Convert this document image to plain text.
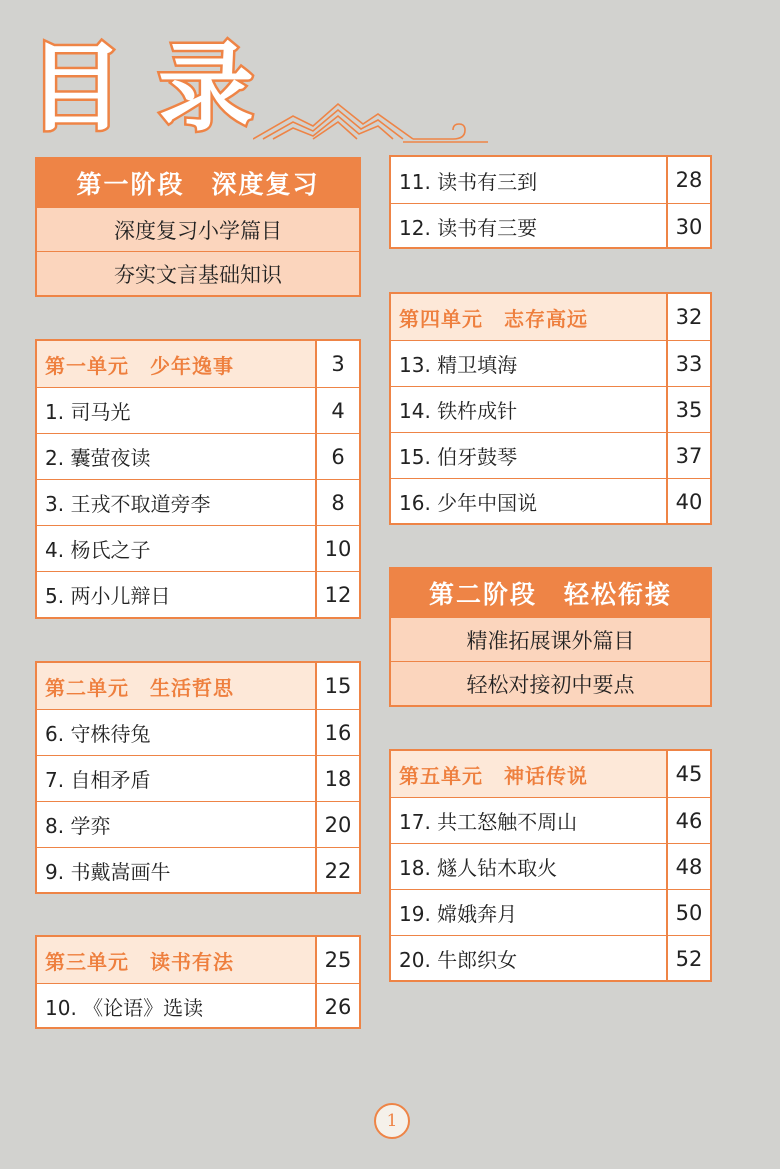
目 录
第一阶段　深度复习
深度复习小学篇目
夯实文言基础知识
第一单元　少年逸事	3
1. 司马光	4
2. 囊萤夜读	6
3. 王戎不取道旁李	8
4. 杨氏之子	10
5. 两小儿辩日	12
第二单元　生活哲思	15
6. 守株待兔	16
7. 自相矛盾	18
8. 学弈	20
9. 书戴嵩画牛	22
第三单元　读书有法	25
10. 《论语》选读	26
11. 读书有三到	28
12. 读书有三要	30
第四单元　志存高远	32
13. 精卫填海	33
14. 铁杵成针	35
15. 伯牙鼓琴	37
16. 少年中国说	40
第二阶段　轻松衔接
精准拓展课外篇目
轻松对接初中要点
第五单元　神话传说	45
17. 共工怒触不周山	46
18. 燧人钻木取火	48
19. 嫦娥奔月	50
20. 牛郎织女	52
1
